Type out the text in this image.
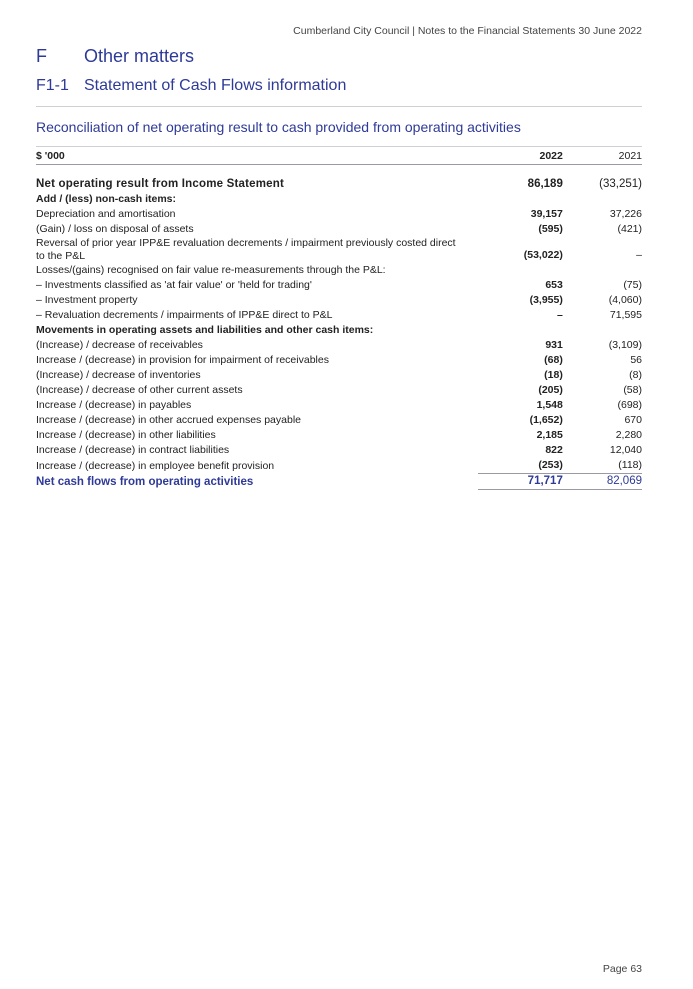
Cumberland City Council | Notes to the Financial Statements 30 June 2022
F Other matters
F1-1 Statement of Cash Flows information
Reconciliation of net operating result to cash provided from operating activities
$ '000	2022	2021

Net operating result from Income Statement	86,189	(33,251)
Add / (less) non-cash items:		
Depreciation and amortisation	39,157	37,226
(Gain) / loss on disposal of assets	(595)	(421)
Reversal of prior year IPP&E revaluation decrements / impairment previously costed direct to the P&L	(53,022)	–
Losses/(gains) recognised on fair value re-measurements through the P&L:		
– Investments classified as 'at fair value' or 'held for trading'	653	(75)
– Investment property	(3,955)	(4,060)
– Revaluation decrements / impairments of IPP&E direct to P&L	–	71,595
Movements in operating assets and liabilities and other cash items:		
(Increase) / decrease of receivables	931	(3,109)
Increase / (decrease) in provision for impairment of receivables	(68)	56
(Increase) / decrease of inventories	(18)	(8)
(Increase) / decrease of other current assets	(205)	(58)
Increase / (decrease) in payables	1,548	(698)
Increase / (decrease) in other accrued expenses payable	(1,652)	670
Increase / (decrease) in other liabilities	2,185	2,280
Increase / (decrease) in contract liabilities	822	12,040
Increase / (decrease) in employee benefit provision	(253)	(118)
Net cash flows from operating activities	71,717	82,069
Page 63
